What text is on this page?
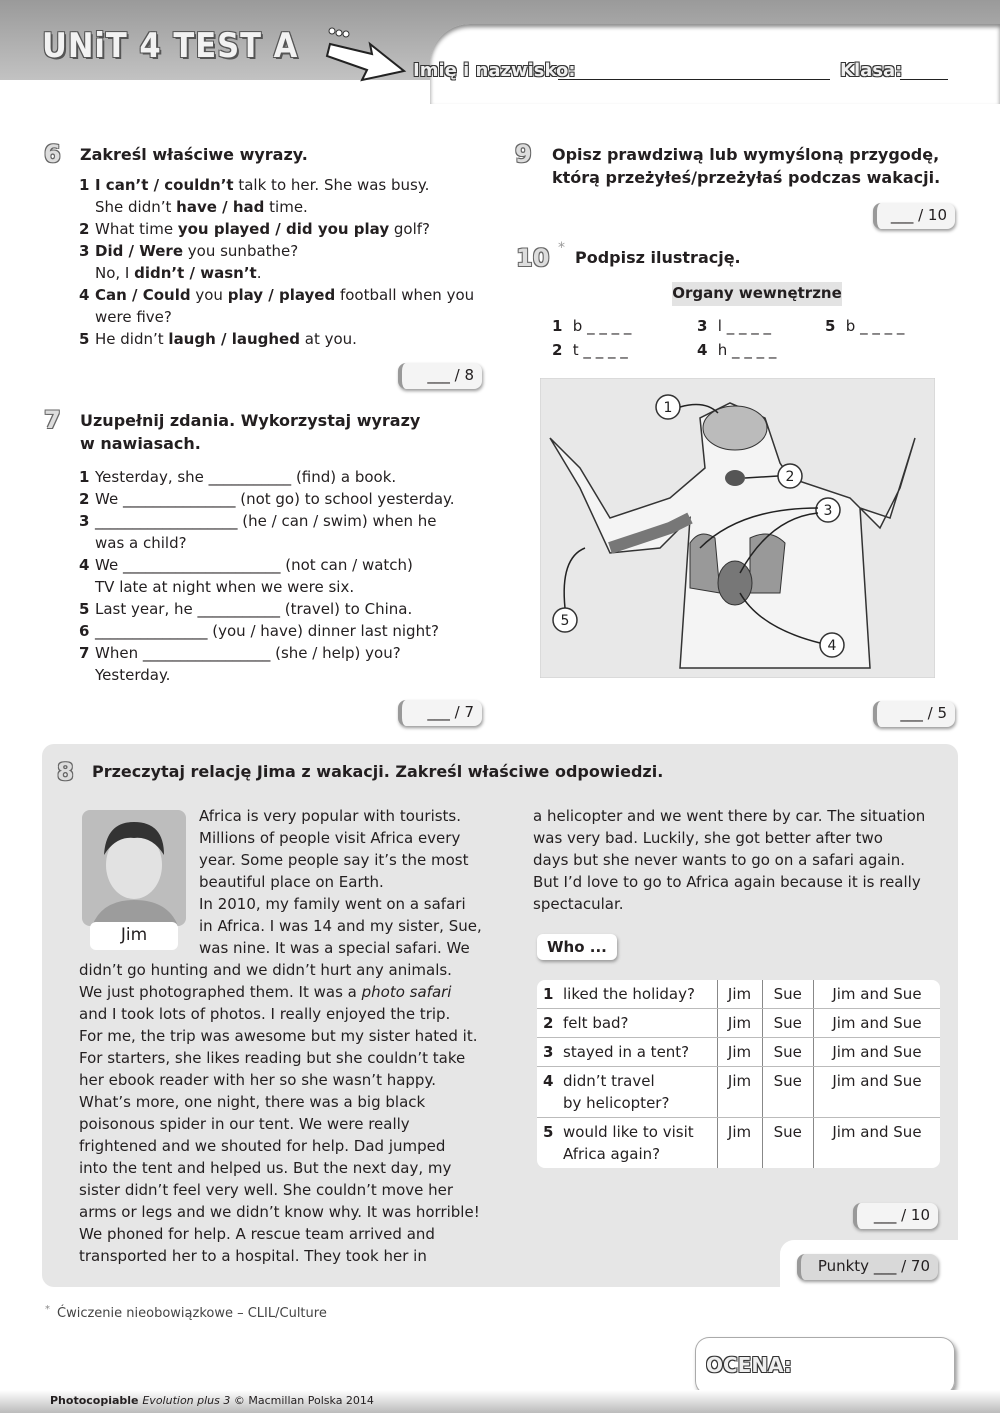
UNiT 4 TEST A
Imię i nazwisko:	Klasa:
6 Zakreśl właściwe wyrazy.
1 I can’t / couldn’t talk to her. She was busy.
She didn’t have / had time.
2 What time you played / did you play golf?
3 Did / Were you sunbathe?
No, I didn’t / wasn’t.
4 Can / Could you play / played football when you
were five?
5 He didn’t laugh / laughed at you.
___ / 8
7 Uzupełnij zdania. Wykorzystaj wyrazy
w nawiasach.
1 Yesterday, she ___________ (find) a book.
2 We _______________ (not go) to school yesterday.
3 ___________________ (he / can / swim) when he
was a child?
4 We _____________________ (not can / watch)
TV late at night when we were six.
5 Last year, he ___________ (travel) to China.
6 _______________ (you / have) dinner last night?
7 When _________________ (she / help) you?
Yesterday.
___ / 7
9 Opisz prawdziwą lub wymyśloną przygodę,
którą przeżyłeś/przeżyłaś podczas wakacji.
___ / 10
10 * Podpisz ilustrację.
Organy wewnętrzne
1 b _ _ _ _
2 t _ _ _ _
3 l _ _ _ _
4 h _ _ _ _
5 b _ _ _ _
1
2
3
4
5
___ / 5
8 Przeczytaj relację Jima z wakacji. Zakreśl właściwe odpowiedzi.
Jim
Africa is very popular with tourists.
Millions of people visit Africa every
year. Some people say it’s the most
beautiful place on Earth.
In 2010, my family went on a safari
in Africa. I was 14 and my sister, Sue,
was nine. It was a special safari. We
didn’t go hunting and we didn’t hurt any animals.
We just photographed them. It was a photo safari
and I took lots of photos. I really enjoyed the trip.
For me, the trip was awesome but my sister hated it.
For starters, she likes reading but she couldn’t take
her ebook reader with her so she wasn’t happy.
What’s more, one night, there was a big black
poisonous spider in our tent. We were really
frightened and we shouted for help. Dad jumped
into the tent and helped us. But the next day, my
sister didn’t feel very well. She couldn’t move her
arms or legs and we didn’t know why. It was horrible!
We phoned for help. A rescue team arrived and
transported her to a hospital. They took her in
a helicopter and we went there by car. The situation
was very bad. Luckily, she got better after two
days but she never wants to go on a safari again.
But I’d love to go to Africa again because it is really
spectacular.
Who ...
1 liked the holiday?	Jim	Sue	Jim and Sue
2 felt bad?	Jim	Sue	Jim and Sue
3 stayed in a tent?	Jim	Sue	Jim and Sue
4 didn’t travel
by helicopter?	Jim	Sue	Jim and Sue
5 would like to visit
Africa again?	Jim	Sue	Jim and Sue
___ / 10
Punkty ___ / 70
* Ćwiczenie nieobowiązkowe – CLIL/Culture
OCENA:
Photocopiable Evolution plus 3 © Macmillan Polska 2014
